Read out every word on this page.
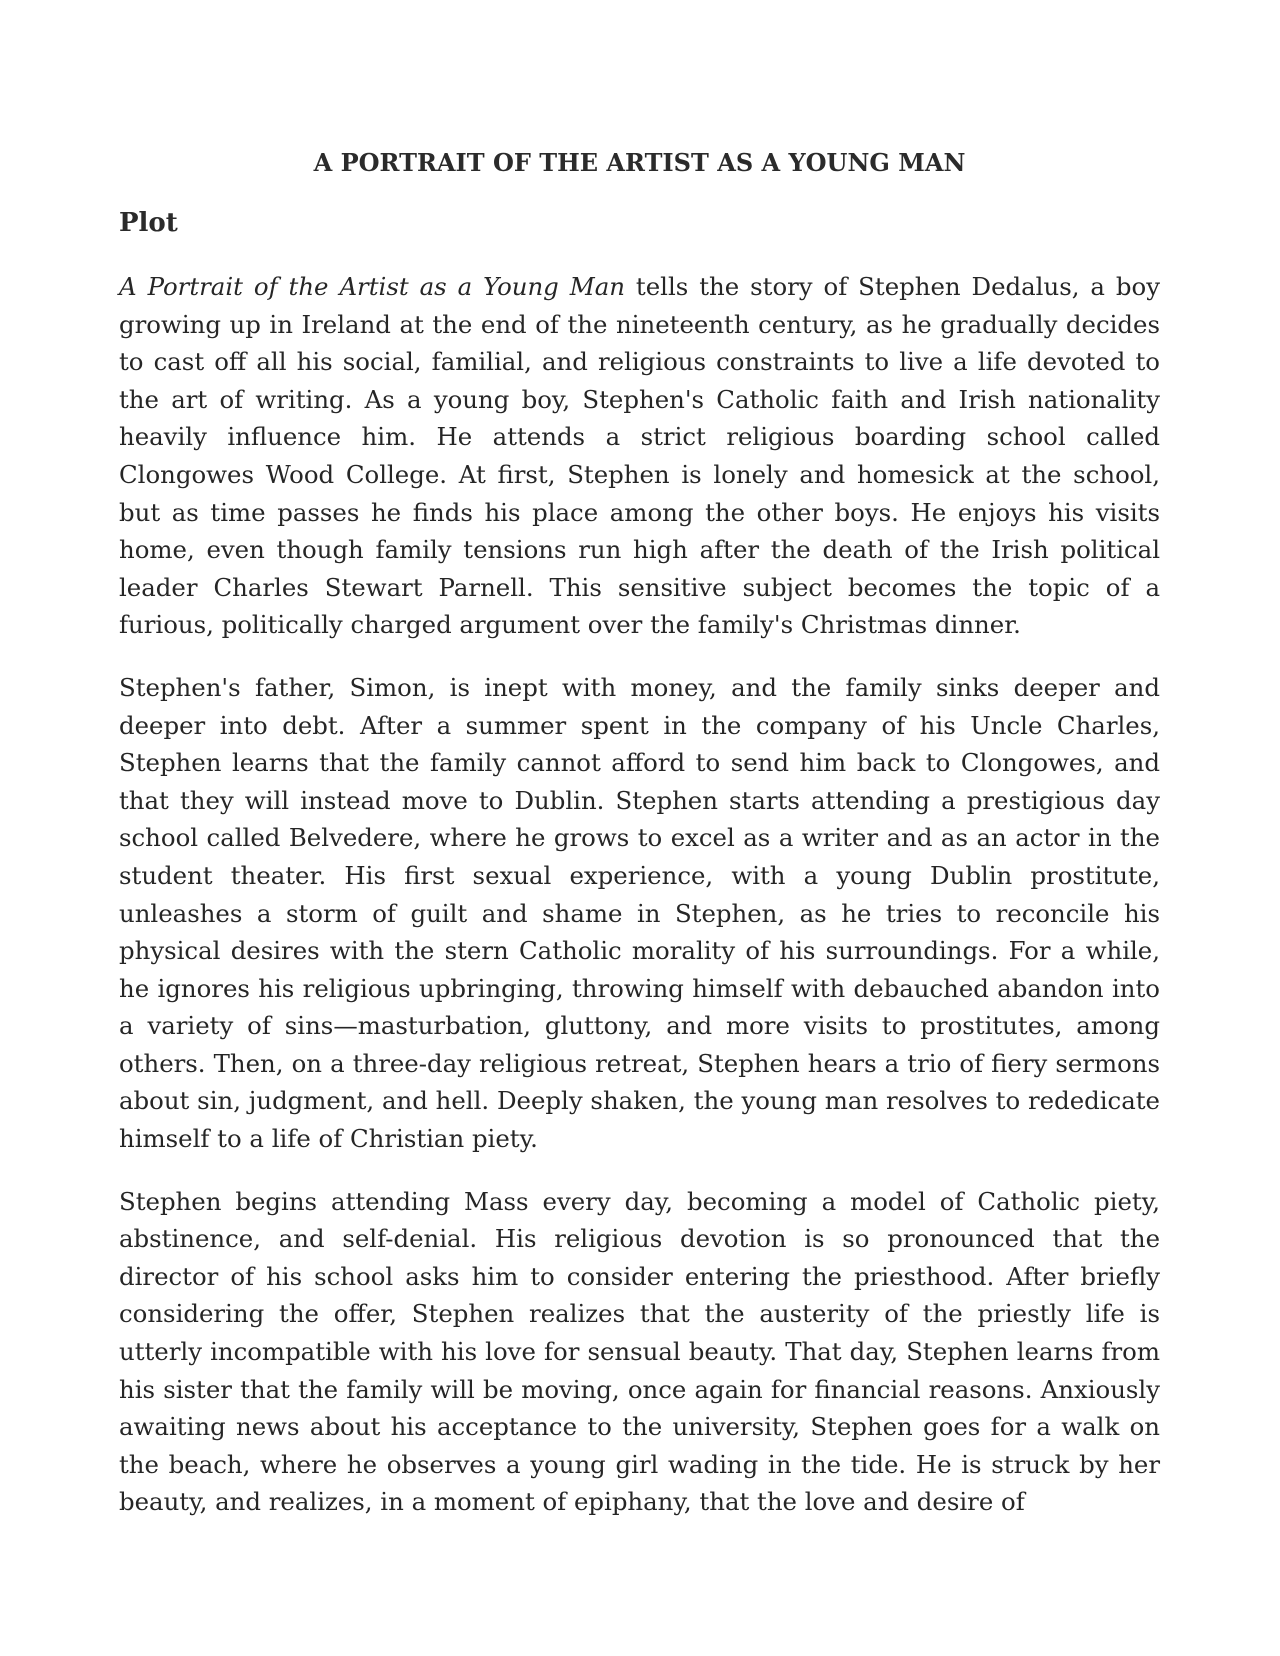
A PORTRAIT OF THE ARTIST AS A YOUNG MAN
Plot

A Portrait of the Artist as a Young Man tells the story of Stephen Dedalus, a boy growing up in Ireland at the end of the nineteenth century, as he gradually decides to cast off all his social, familial, and religious constraints to live a life devoted to the art of writing. As a young boy, Stephen's Catholic faith and Irish nationality heavily influence him. He attends a strict religious boarding school called Clongowes Wood College. At first, Stephen is lonely and homesick at the school, but as time passes he finds his place among the other boys. He enjoys his visits home, even though family tensions run high after the death of the Irish political leader Charles Stewart Parnell. This sensitive subject becomes the topic of a furious, politically charged argument over the family's Christmas dinner.

Stephen's father, Simon, is inept with money, and the family sinks deeper and deeper into debt. After a summer spent in the company of his Uncle Charles, Stephen learns that the family cannot afford to send him back to Clongowes, and that they will instead move to Dublin. Stephen starts attending a prestigious day school called Belvedere, where he grows to excel as a writer and as an actor in the student theater. His first sexual experience, with a young Dublin prostitute, unleashes a storm of guilt and shame in Stephen, as he tries to reconcile his physical desires with the stern Catholic morality of his surroundings. For a while, he ignores his religious upbringing, throwing himself with debauched abandon into a variety of sins—masturbation, gluttony, and more visits to prostitutes, among others. Then, on a three-day religious retreat, Stephen hears a trio of fiery sermons about sin, judgment, and hell. Deeply shaken, the young man resolves to rededicate himself to a life of Christian piety.

Stephen begins attending Mass every day, becoming a model of Catholic piety, abstinence, and self-denial. His religious devotion is so pronounced that the director of his school asks him to consider entering the priesthood. After briefly considering the offer, Stephen realizes that the austerity of the priestly life is utterly incompatible with his love for sensual beauty. That day, Stephen learns from his sister that the family will be moving, once again for financial reasons. Anxiously awaiting news about his acceptance to the university, Stephen goes for a walk on the beach, where he observes a young girl wading in the tide. He is struck by her beauty, and realizes, in a moment of epiphany, that the love and desire of
